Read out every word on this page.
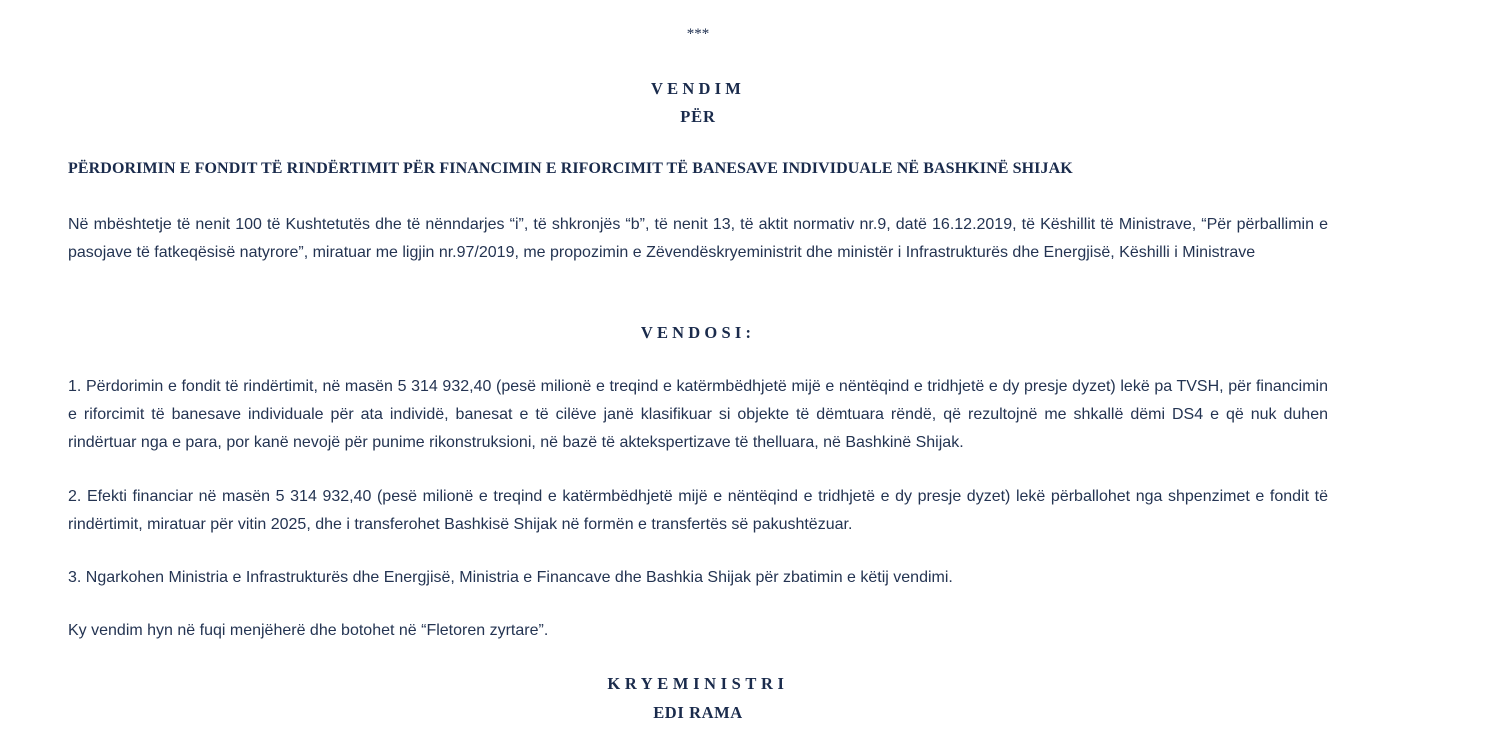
***
VENDIM
PËR
PËRDORIMIN E FONDIT TË RINDËRTIMIT PËR FINANCIMIN E RIFORCIMIT TË BANESAVE INDIVIDUALE NË BASHKINË SHIJAK

Në mbështetje të nenit 100 të Kushtetutës dhe të nënndarjes “i”, të shkronjës “b”, të nenit 13, të aktit normativ nr.9, datë 16.12.2019, të Këshillit të Ministrave, “Për përballimin e pasojave të fatkeqësisë natyrore”, miratuar me ligjin nr.97/2019, me propozimin e Zëvendëskryeministrit dhe ministër i Infrastrukturës dhe Energjisë, Këshilli i Ministrave

VENDOSI:

1. Përdorimin e fondit të rindërtimit, në masën 5 314 932,40 (pesë milionë e treqind e katërmbëdhjetë mijë e nëntëqind e tridhjetë e dy presje dyzet) lekë pa TVSH, për financimin e riforcimit të banesave individuale për ata individë, banesat e të cilëve janë klasifikuar si objekte të dëmtuara rëndë, që rezultojnë me shkallë dëmi DS4 e që nuk duhen rindërtuar nga e para, por kanë nevojë për punime rikonstruksioni, në bazë të aktekspertizave të thelluara, në Bashkinë Shijak.

2. Efekti financiar në masën 5 314 932,40 (pesë milionë e treqind e katërmbëdhjetë mijë e nëntëqind e tridhjetë e dy presje dyzet) lekë përballohet nga shpenzimet e fondit të rindërtimit, miratuar për vitin 2025, dhe i transferohet Bashkisë Shijak në formën e transfertës së pakushtëzuar.

3. Ngarkohen Ministria e Infrastrukturës dhe Energjisë, Ministria e Financave dhe Bashkia Shijak për zbatimin e këtij vendimi.

Ky vendim hyn në fuqi menjëherë dhe botohet në “Fletoren zyrtare”.

KRYEMINISTRI
EDI RAMA
